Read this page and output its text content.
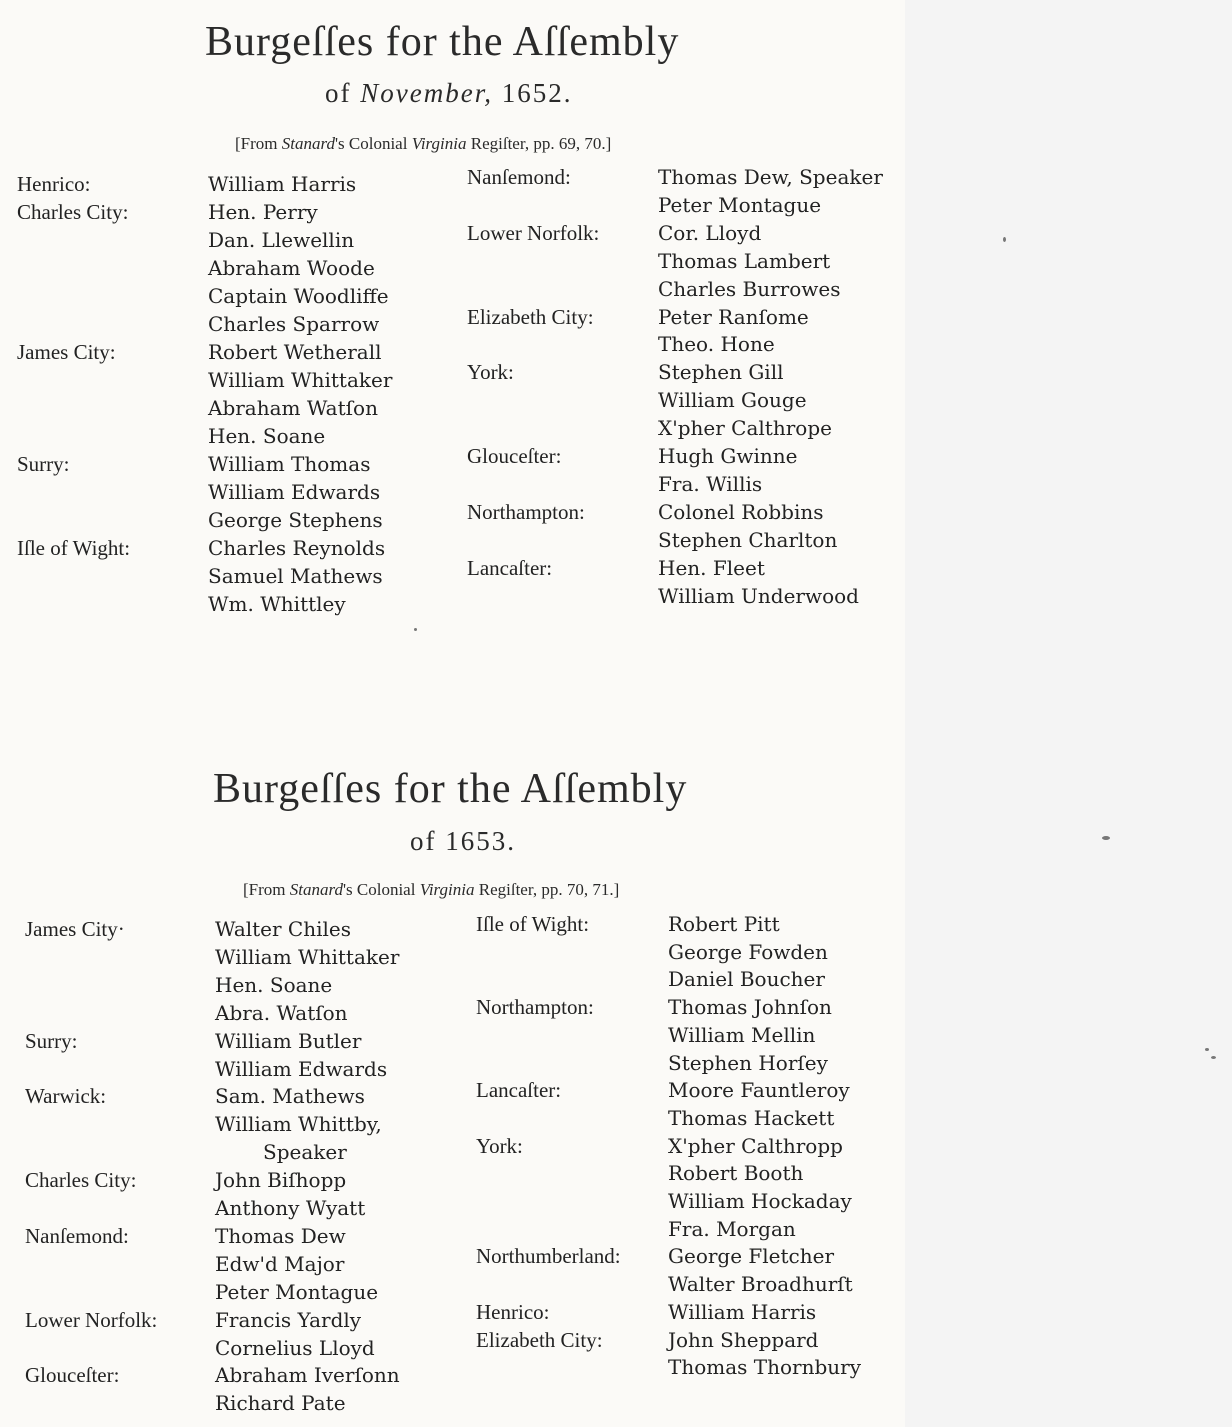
Burgeſſes for the Aſſembly
of November, 1652.
[From Stanard's Colonial Virginia Regiſter, pp. 69, 70.]
Henrico:	William Harris
Charles City:	Hen. Perry
Dan. Llewellin
Abraham Woode
Captain Woodliffe
Charles Sparrow
James City:	Robert Wetherall
William Whittaker
Abraham Watſon
Hen. Soane
Surry:	William Thomas
William Edwards
George Stephens
Iſle of Wight:	Charles Reynolds
Samuel Mathews
Wm. Whittley
Nanſemond:	Thomas Dew, Speaker
Peter Montague
Lower Norfolk:	Cor. Lloyd
Thomas Lambert
Charles Burrowes
Elizabeth City:	Peter Ranſome
Theo. Hone
York:	Stephen Gill
William Gouge
X'pher Calthrope
Glouceſter:	Hugh Gwinne
Fra. Willis
Northampton:	Colonel Robbins
Stephen Charlton
Lancaſter:	Hen. Fleet
William Underwood
Burgeſſes for the Aſſembly
of 1653.
[From Stanard's Colonial Virginia Regiſter, pp. 70, 71.]
James City·	Walter Chiles
William Whittaker
Hen. Soane
Abra. Watſon
Surry:	William Butler
William Edwards
Warwick:	Sam. Mathews
William Whittby,
Speaker
Charles City:	John Biſhopp
Anthony Wyatt
Nanſemond:	Thomas Dew
Edw'd Major
Peter Montague
Lower Norfolk:	Francis Yardly
Cornelius Lloyd
Glouceſter:	Abraham Iverſonn
Richard Pate
Iſle of Wight:	Robert Pitt
George Fowden
Daniel Boucher
Northampton:	Thomas Johnſon
William Mellin
Stephen Horſey
Lancaſter:	Moore Fauntleroy
Thomas Hackett
York:	X'pher Calthropp
Robert Booth
William Hockaday
Fra. Morgan
Northumberland: George Fletcher
Walter Broadhurſt
Henrico:	William Harris
Elizabeth City:	John Sheppard
Thomas Thornbury
